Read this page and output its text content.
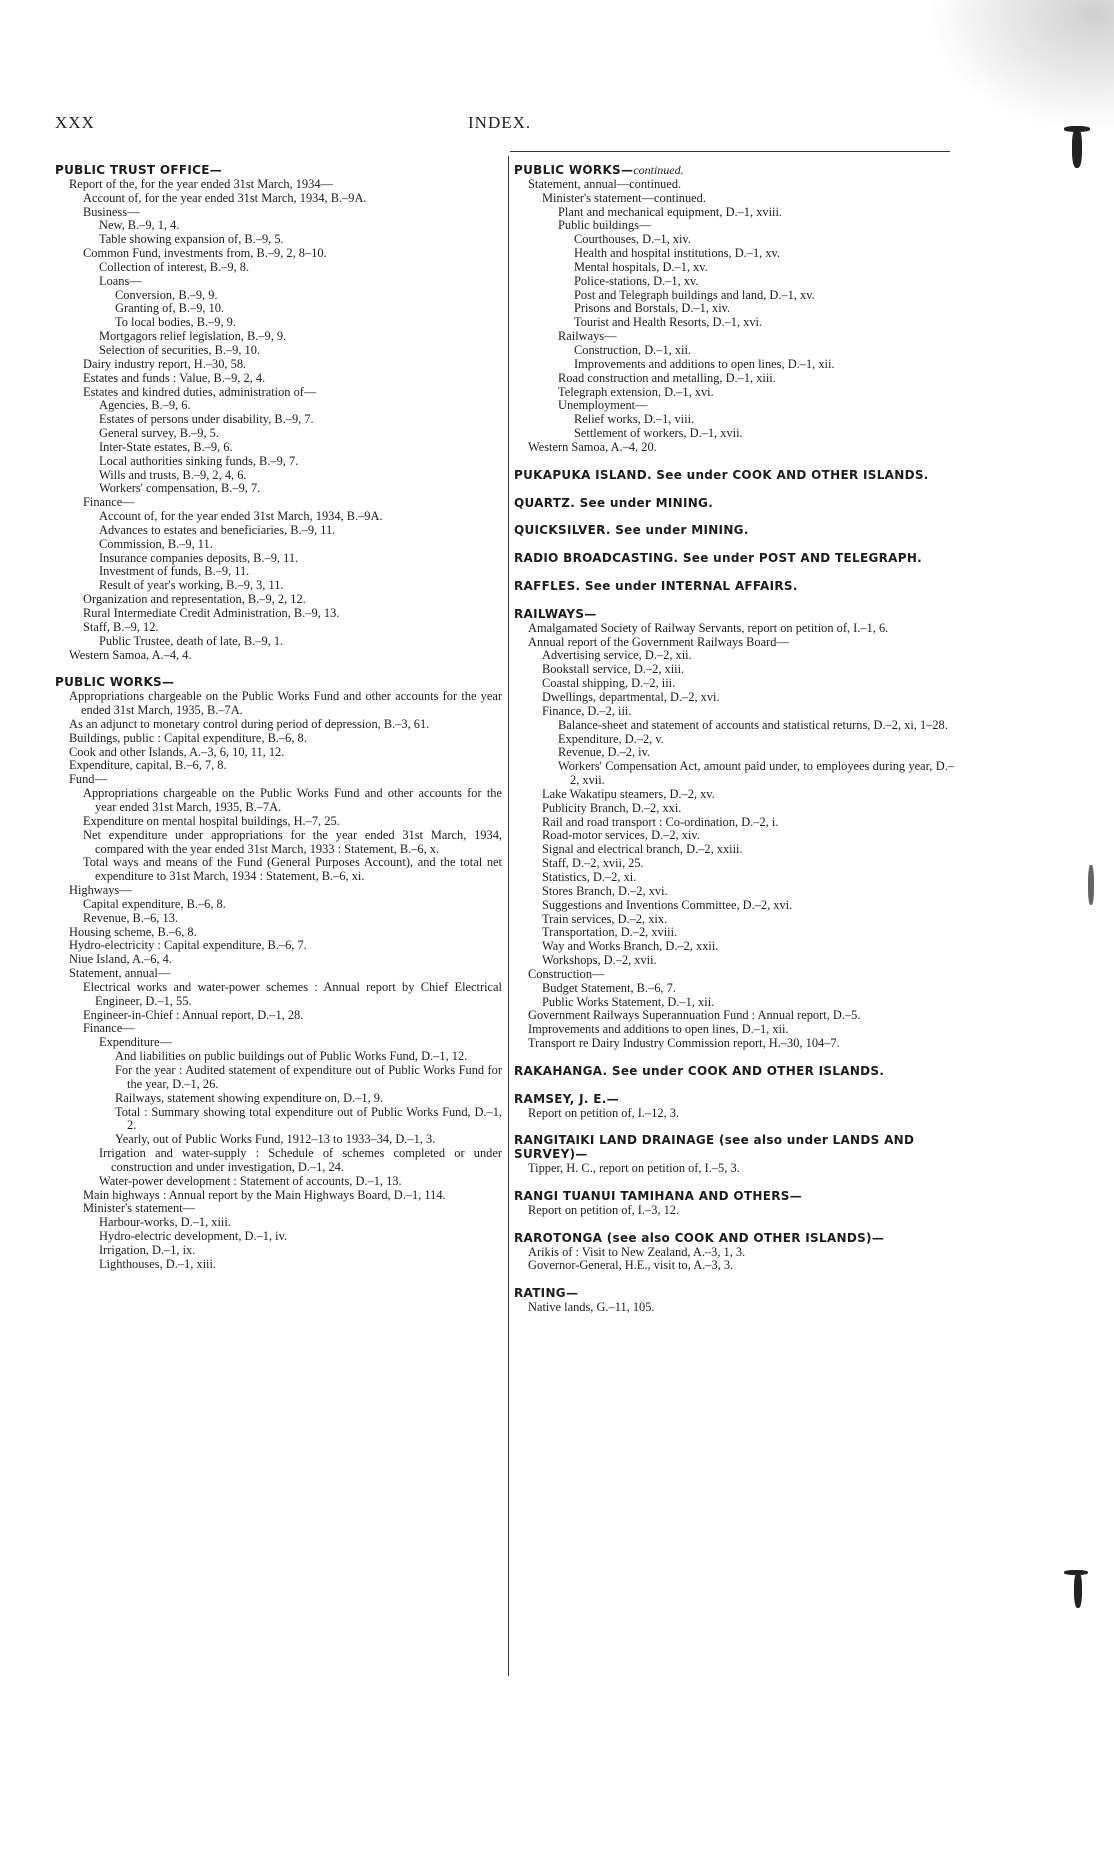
XXX	INDEX.
PUBLIC TRUST OFFICE—
Report of the, for the year ended 31st March, 1934—
Account of, for the year ended 31st March, 1934, B.–9A.
Business—
New, B.–9, 1, 4.
Table showing expansion of, B.–9, 5.
Common Fund, investments from, B.–9, 2, 8–10.
Collection of interest, B.–9, 8.
Loans—
Conversion, B.–9, 9.
Granting of, B.–9, 10.
To local bodies, B.–9, 9.
Mortgagors relief legislation, B.–9, 9.
Selection of securities, B.–9, 10.
Dairy industry report, H.–30, 58.
Estates and funds : Value, B.–9, 2, 4.
Estates and kindred duties, administration of—
Agencies, B.–9, 6.
Estates of persons under disability, B.–9, 7.
General survey, B.–9, 5.
Inter-State estates, B.–9, 6.
Local authorities sinking funds, B.–9, 7.
Wills and trusts, B.–9, 2, 4, 6.
Workers' compensation, B.–9, 7.
Finance—
Account of, for the year ended 31st March, 1934, B.–9A.
Advances to estates and beneficiaries, B.–9, 11.
Commission, B.–9, 11.
Insurance companies deposits, B.–9, 11.
Investment of funds, B.–9, 11.
Result of year's working, B.–9, 3, 11.
Organization and representation, B.–9, 2, 12.
Rural Intermediate Credit Administration, B.–9, 13.
Staff, B.–9, 12.
Public Trustee, death of late, B.–9, 1.
Western Samoa, A.–4, 4.
PUBLIC WORKS—
Appropriations chargeable on the Public Works Fund and other accounts for the year ended 31st March, 1935, B.–7A.
As an adjunct to monetary control during period of depression, B.–3, 61.
Buildings, public : Capital expenditure, B.–6, 8.
Cook and other Islands, A.–3, 6, 10, 11, 12.
Expenditure, capital, B.–6, 7, 8.
Fund—
Appropriations chargeable on the Public Works Fund and other accounts for the year ended 31st March, 1935, B.–7A.
Expenditure on mental hospital buildings, H.–7, 25.
Net expenditure under appropriations for the year ended 31st March, 1934, compared with the year ended 31st March, 1933 : Statement, B.–6, x.
Total ways and means of the Fund (General Purposes Account), and the total net expenditure to 31st March, 1934 : Statement, B.–6, xi.
Highways—
Capital expenditure, B.–6, 8.
Revenue, B.–6, 13.
Housing scheme, B.–6, 8.
Hydro-electricity : Capital expenditure, B.–6, 7.
Niue Island, A.–6, 4.
Statement, annual—
Electrical works and water-power schemes : Annual report by Chief Electrical Engineer, D.–1, 55.
Engineer-in-Chief : Annual report, D.–1, 28.
Finance—
Expenditure—
And liabilities on public buildings out of Public Works Fund, D.–1, 12.
For the year : Audited statement of expenditure out of Public Works Fund for the year, D.–1, 26.
Railways, statement showing expenditure on, D.–1, 9.
Total : Summary showing total expenditure out of Public Works Fund, D.–1, 2.
Yearly, out of Public Works Fund, 1912–13 to 1933–34, D.–1, 3.
Irrigation and water-supply : Schedule of schemes completed or under construction and under investigation, D.–1, 24.
Water-power development : Statement of accounts, D.–1, 13.
Main highways : Annual report by the Main Highways Board, D.–1, 114.
Minister's statement—
Harbour-works, D.–1, xiii.
Hydro-electric development, D.–1, iv.
Irrigation, D.–1, ix.
Lighthouses, D.–1, xiii.
PUBLIC WORKS—continued.
Statement, annual—continued.
Minister's statement—continued.
Plant and mechanical equipment, D.–1, xviii.
Public buildings—
Courthouses, D.–1, xiv.
Health and hospital institutions, D.–1, xv.
Mental hospitals, D.–1, xv.
Police-stations, D.–1, xv.
Post and Telegraph buildings and land, D.–1, xv.
Prisons and Borstals, D.–1, xiv.
Tourist and Health Resorts, D.–1, xvi.
Railways—
Construction, D.–1, xii.
Improvements and additions to open lines, D.–1, xii.
Road construction and metalling, D.–1, xiii.
Telegraph extension, D.–1, xvi.
Unemployment—
Relief works, D.–1, viii.
Settlement of workers, D.–1, xvii.
Western Samoa, A.–4, 20.
PUKAPUKA ISLAND. See under COOK AND OTHER ISLANDS.
QUARTZ. See under MINING.
QUICKSILVER. See under MINING.
RADIO BROADCASTING. See under POST AND TELEGRAPH.
RAFFLES. See under INTERNAL AFFAIRS.
RAILWAYS—
Amalgamated Society of Railway Servants, report on petition of, I.–1, 6.
Annual report of the Government Railways Board—
Advertising service, D.–2, xii.
Bookstall service, D.–2, xiii.
Coastal shipping, D.–2, iii.
Dwellings, departmental, D.–2, xvi.
Finance, D.–2, iii.
Balance-sheet and statement of accounts and statistical returns, D.–2, xi, 1–28.
Expenditure, D.–2, v.
Revenue, D.–2, iv.
Workers' Compensation Act, amount paid under, to employees during year, D.–2, xvii.
Lake Wakatipu steamers, D.–2, xv.
Publicity Branch, D.–2, xxi.
Rail and road transport : Co-ordination, D.–2, i.
Road-motor services, D.–2, xiv.
Signal and electrical branch, D.–2, xxiii.
Staff, D.–2, xvii, 25.
Statistics, D.–2, xi.
Stores Branch, D.–2, xvi.
Suggestions and Inventions Committee, D.–2, xvi.
Train services, D.–2, xix.
Transportation, D.–2, xviii.
Way and Works Branch, D.–2, xxii.
Workshops, D.–2, xvii.
Construction—
Budget Statement, B.–6, 7.
Public Works Statement, D.–1, xii.
Government Railways Superannuation Fund : Annual report, D.–5.
Improvements and additions to open lines, D.–1, xii.
Transport re Dairy Industry Commission report, H.–30, 104–7.
RAKAHANGA. See under COOK AND OTHER ISLANDS.
RAMSEY, J. E.—
Report on petition of, I.–12, 3.
RANGITAIKI LAND DRAINAGE (see also under LANDS AND SURVEY)—
Tipper, H. C., report on petition of, I.–5, 3.
RANGI TUANUI TAMIHANA AND OTHERS—
Report on petition of, I.–3, 12.
RAROTONGA (see also COOK AND OTHER ISLANDS)—
Arikis of : Visit to New Zealand, A.–3, 1, 3.
Governor-General, H.E., visit to, A.–3, 3.
RATING—
Native lands, G.–11, 105.
